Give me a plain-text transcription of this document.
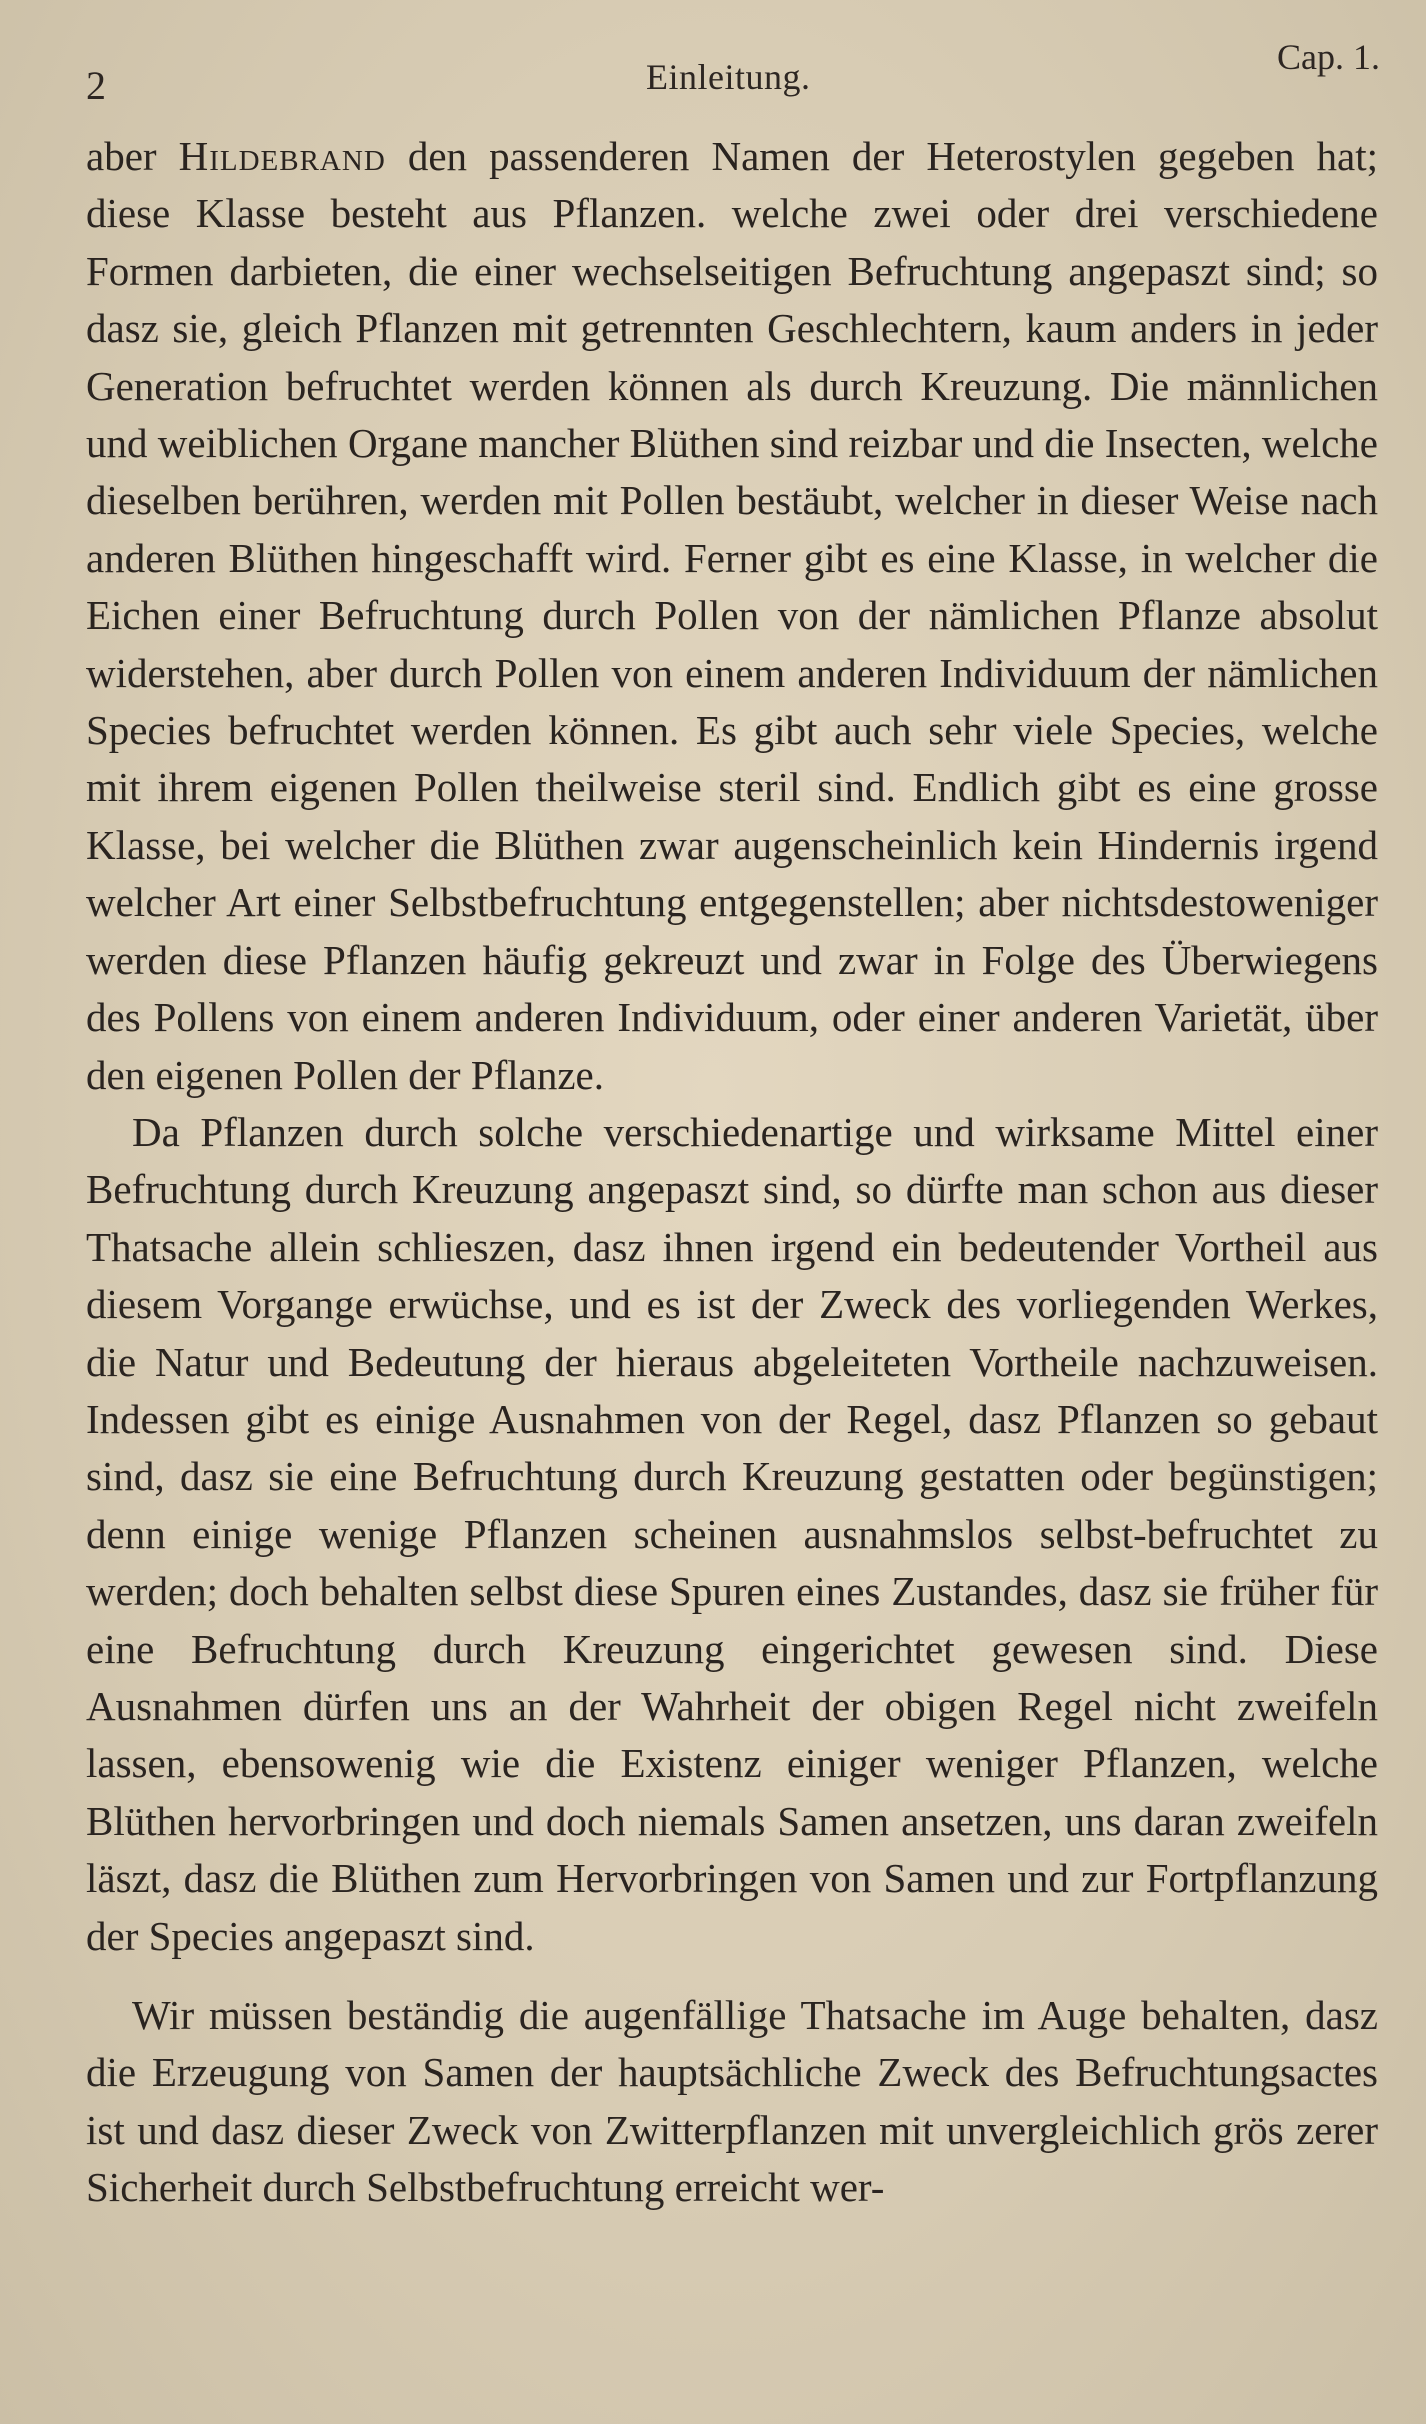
2	Einleitung.	Cap. 1.

aber Hildebrand den passenderen Namen der Heterostylen gegeben hat; diese Klasse besteht aus Pflanzen. welche zwei oder drei verschiedene Formen darbieten, die einer wechselseitigen Befruchtung angepaszt sind; so dasz sie, gleich Pflanzen mit getrennten Geschlechtern, kaum anders in jeder Generation befruchtet werden können als durch Kreuzung. Die männlichen und weiblichen Organe mancher Blüthen sind reizbar und die Insecten, welche dieselben berühren, werden mit Pollen bestäubt, welcher in dieser Weise nach anderen Blüthen hingeschafft wird. Ferner gibt es eine Klasse, in welcher die Eichen einer Befruchtung durch Pollen von der nämlichen Pflanze absolut widerstehen, aber durch Pollen von einem anderen Individuum der nämlichen Species befruchtet werden können. Es gibt auch sehr viele Species, welche mit ihrem eigenen Pollen theilweise steril sind. Endlich gibt es eine grosse Klasse, bei welcher die Blüthen zwar augenscheinlich kein Hindernis irgend welcher Art einer Selbstbefruchtung entgegenstellen; aber nichtsdestoweniger werden diese Pflanzen häufig gekreuzt und zwar in Folge des Überwiegens des Pollens von einem anderen Individuum, oder einer anderen Varietät, über den eigenen Pollen der Pflanze.

Da Pflanzen durch solche verschiedenartige und wirksame Mittel einer Befruchtung durch Kreuzung angepaszt sind, so dürfte man schon aus dieser Thatsache allein schlieszen, dasz ihnen irgend ein bedeutender Vortheil aus diesem Vorgange erwüchse, und es ist der Zweck des vorliegenden Werkes, die Natur und Bedeutung der hieraus abgeleiteten Vortheile nachzuweisen. Indessen gibt es einige Ausnahmen von der Regel, dasz Pflanzen so gebaut sind, dasz sie eine Befruchtung durch Kreuzung gestatten oder begünstigen; denn einige wenige Pflanzen scheinen ausnahmslos selbst-befruchtet zu werden; doch behalten selbst diese Spuren eines Zustandes, dasz sie früher für eine Befruchtung durch Kreuzung eingerichtet gewesen sind. Diese Ausnahmen dürfen uns an der Wahrheit der obigen Regel nicht zweifeln lassen, ebensowenig wie die Existenz einiger weniger Pflanzen, welche Blüthen hervorbringen und doch niemals Samen ansetzen, uns daran zweifeln läszt, dasz die Blüthen zum Hervorbringen von Samen und zur Fortpflanzung der Species angepaszt sind.

Wir müssen beständig die augenfällige Thatsache im Auge behalten, dasz die Erzeugung von Samen der hauptsächliche Zweck des Befruchtungsactes ist und dasz dieser Zweck von Zwitterpflanzen mit unvergleichlich grös zerer Sicherheit durch Selbstbefruchtung erreicht wer-
